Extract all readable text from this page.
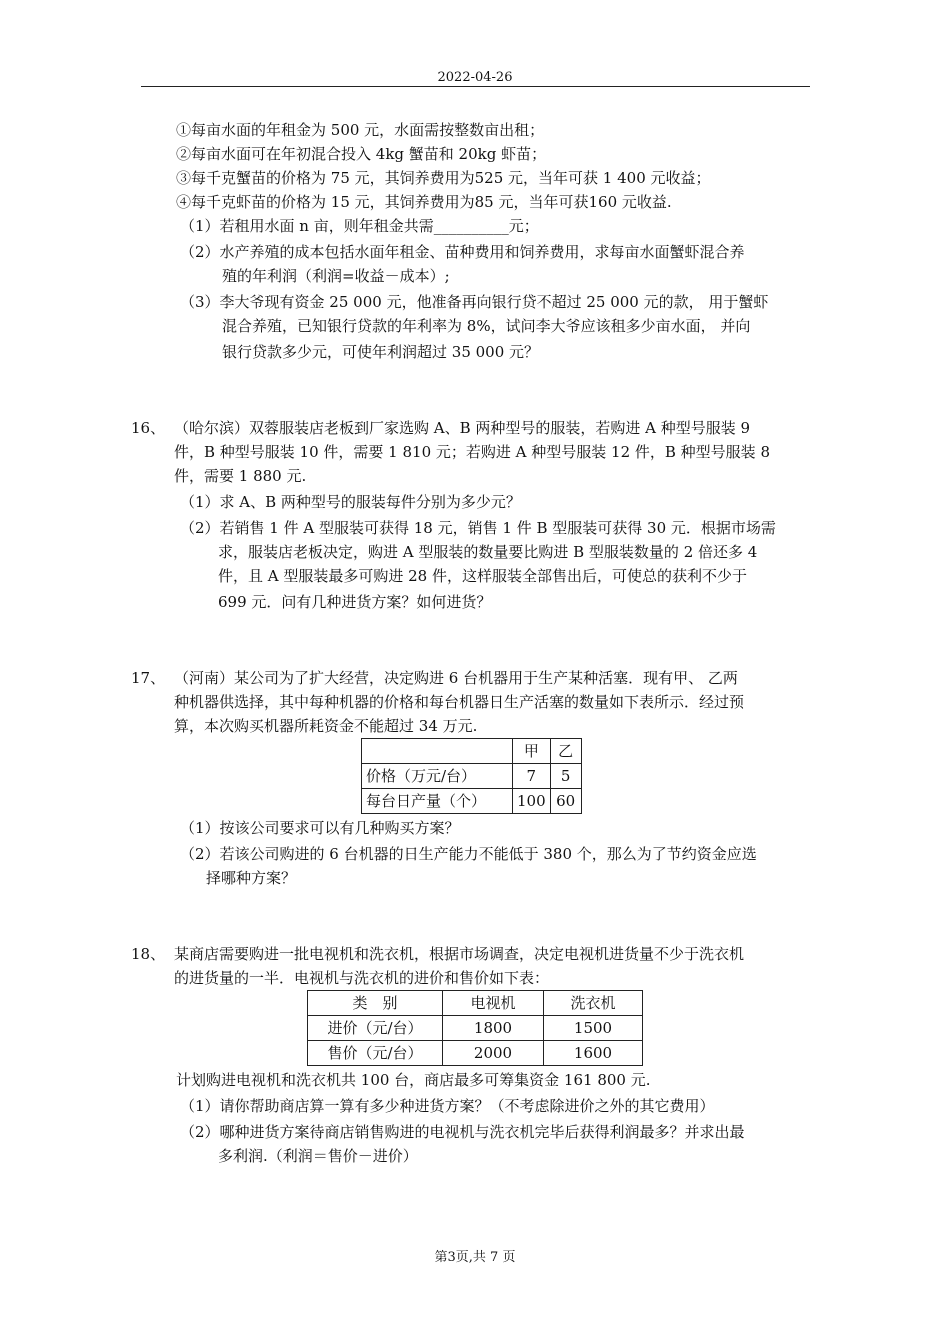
2022-04-26
①每亩水面的年租金为 500 元，水面需按整数亩出租；
②每亩水面可在年初混合投入 4kg 蟹苗和 20kg 虾苗；
③每千克蟹苗的价格为 75 元，其饲养费用为525 元，当年可获 1 400 元收益；
④每千克虾苗的价格为 15 元，其饲养费用为85 元，当年可获160 元收益.
（1）若租用水面 n 亩，则年租金共需__________元；
（2）水产养殖的成本包括水面年租金、苗种费用和饲养费用，求每亩水面蟹虾混合养
殖的年利润（利润=收益－成本）;
（3）李大爷现有资金 25 000 元，他准备再向银行贷不超过 25 000 元的款， 用于蟹虾
混合养殖，已知银行贷款的年利率为 8%，试问李大爷应该租多少亩水面， 并向
银行贷款多少元，可使年利润超过 35 000 元？
16、 （哈尔滨）双蓉服装店老板到厂家选购 A、B 两种型号的服装，若购进 A 种型号服装 9
件，B 种型号服装 10 件，需要 1 810 元；若购进 A 种型号服装 12 件，B 种型号服装 8
件，需要 1 880 元.
（1）求 A、B 两种型号的服装每件分别为多少元？
（2）若销售 1 件 A 型服装可获得 18 元，销售 1 件 B 型服装可获得 30 元．根据市场需
求，服装店老板决定，购进 A 型服装的数量要比购进 B 型服装数量的 2 倍还多 4
件，且 A 型服装最多可购进 28 件，这样服装全部售出后，可使总的获利不少于
699 元．问有几种进货方案？如何进货？
17、 （河南）某公司为了扩大经营，决定购进 6 台机器用于生产某种活塞．现有甲、 乙两
种机器供选择，其中每种机器的价格和每台机器日生产活塞的数量如下表所示．经过预
算，本次购买机器所耗资金不能超过 34 万元.
	甲	乙
价格（万元/台）	7	5
每台日产量（个）	100	60
（1）按该公司要求可以有几种购买方案？
（2）若该公司购进的 6 台机器的日生产能力不能低于 380 个，那么为了节约资金应选
择哪种方案？
18、 某商店需要购进一批电视机和洗衣机，根据市场调查，决定电视机进货量不少于洗衣机
的进货量的一半．电视机与洗衣机的进价和售价如下表：
类　别	电视机	洗衣机
进价（元/台）	1800	1500
售价（元/台）	2000	1600
计划购进电视机和洗衣机共 100 台，商店最多可筹集资金 161 800 元.
（1）请你帮助商店算一算有多少种进货方案？（不考虑除进价之外的其它费用）
（2）哪种进货方案待商店销售购进的电视机与洗衣机完毕后获得利润最多？并求出最
多利润.（利润＝售价－进价）
第3页,共 7 页
